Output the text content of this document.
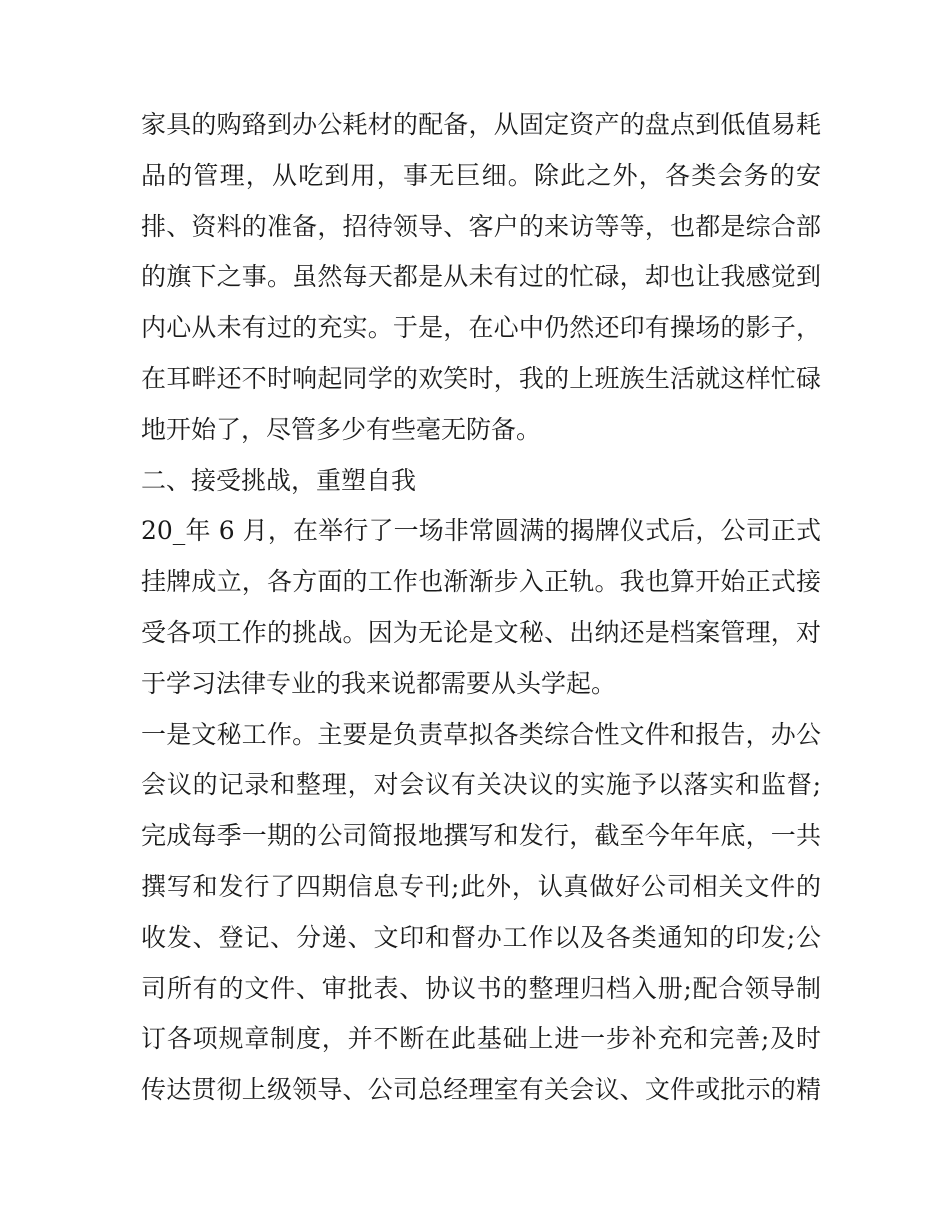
家具的购臵到办公耗材的配备，从固定资产的盘点到低值易耗
品的管理，从吃到用，事无巨细。除此之外，各类会务的安
排、资料的准备，招待领导、客户的来访等等，也都是综合部
的旗下之事。虽然每天都是从未有过的忙碌，却也让我感觉到
内心从未有过的充实。于是，在心中仍然还印有操场的影子，
在耳畔还不时响起同学的欢笑时，我的上班族生活就这样忙碌
地开始了，尽管多少有些毫无防备。
二、接受挑战，重塑自我
20_年 6 月，在举行了一场非常圆满的揭牌仪式后，公司正式
挂牌成立，各方面的工作也渐渐步入正轨。我也算开始正式接
受各项工作的挑战。因为无论是文秘、出纳还是档案管理，对
于学习法律专业的我来说都需要从头学起。
一是文秘工作。主要是负责草拟各类综合性文件和报告，办公
会议的记录和整理，对会议有关决议的实施予以落实和监督;
完成每季一期的公司简报地撰写和发行，截至今年年底，一共
撰写和发行了四期信息专刊;此外，认真做好公司相关文件的
收发、登记、分递、文印和督办工作以及各类通知的印发;公
司所有的文件、审批表、协议书的整理归档入册;配合领导制
订各项规章制度，并不断在此基础上进一步补充和完善;及时
传达贯彻上级领导、公司总经理室有关会议、文件或批示的精
